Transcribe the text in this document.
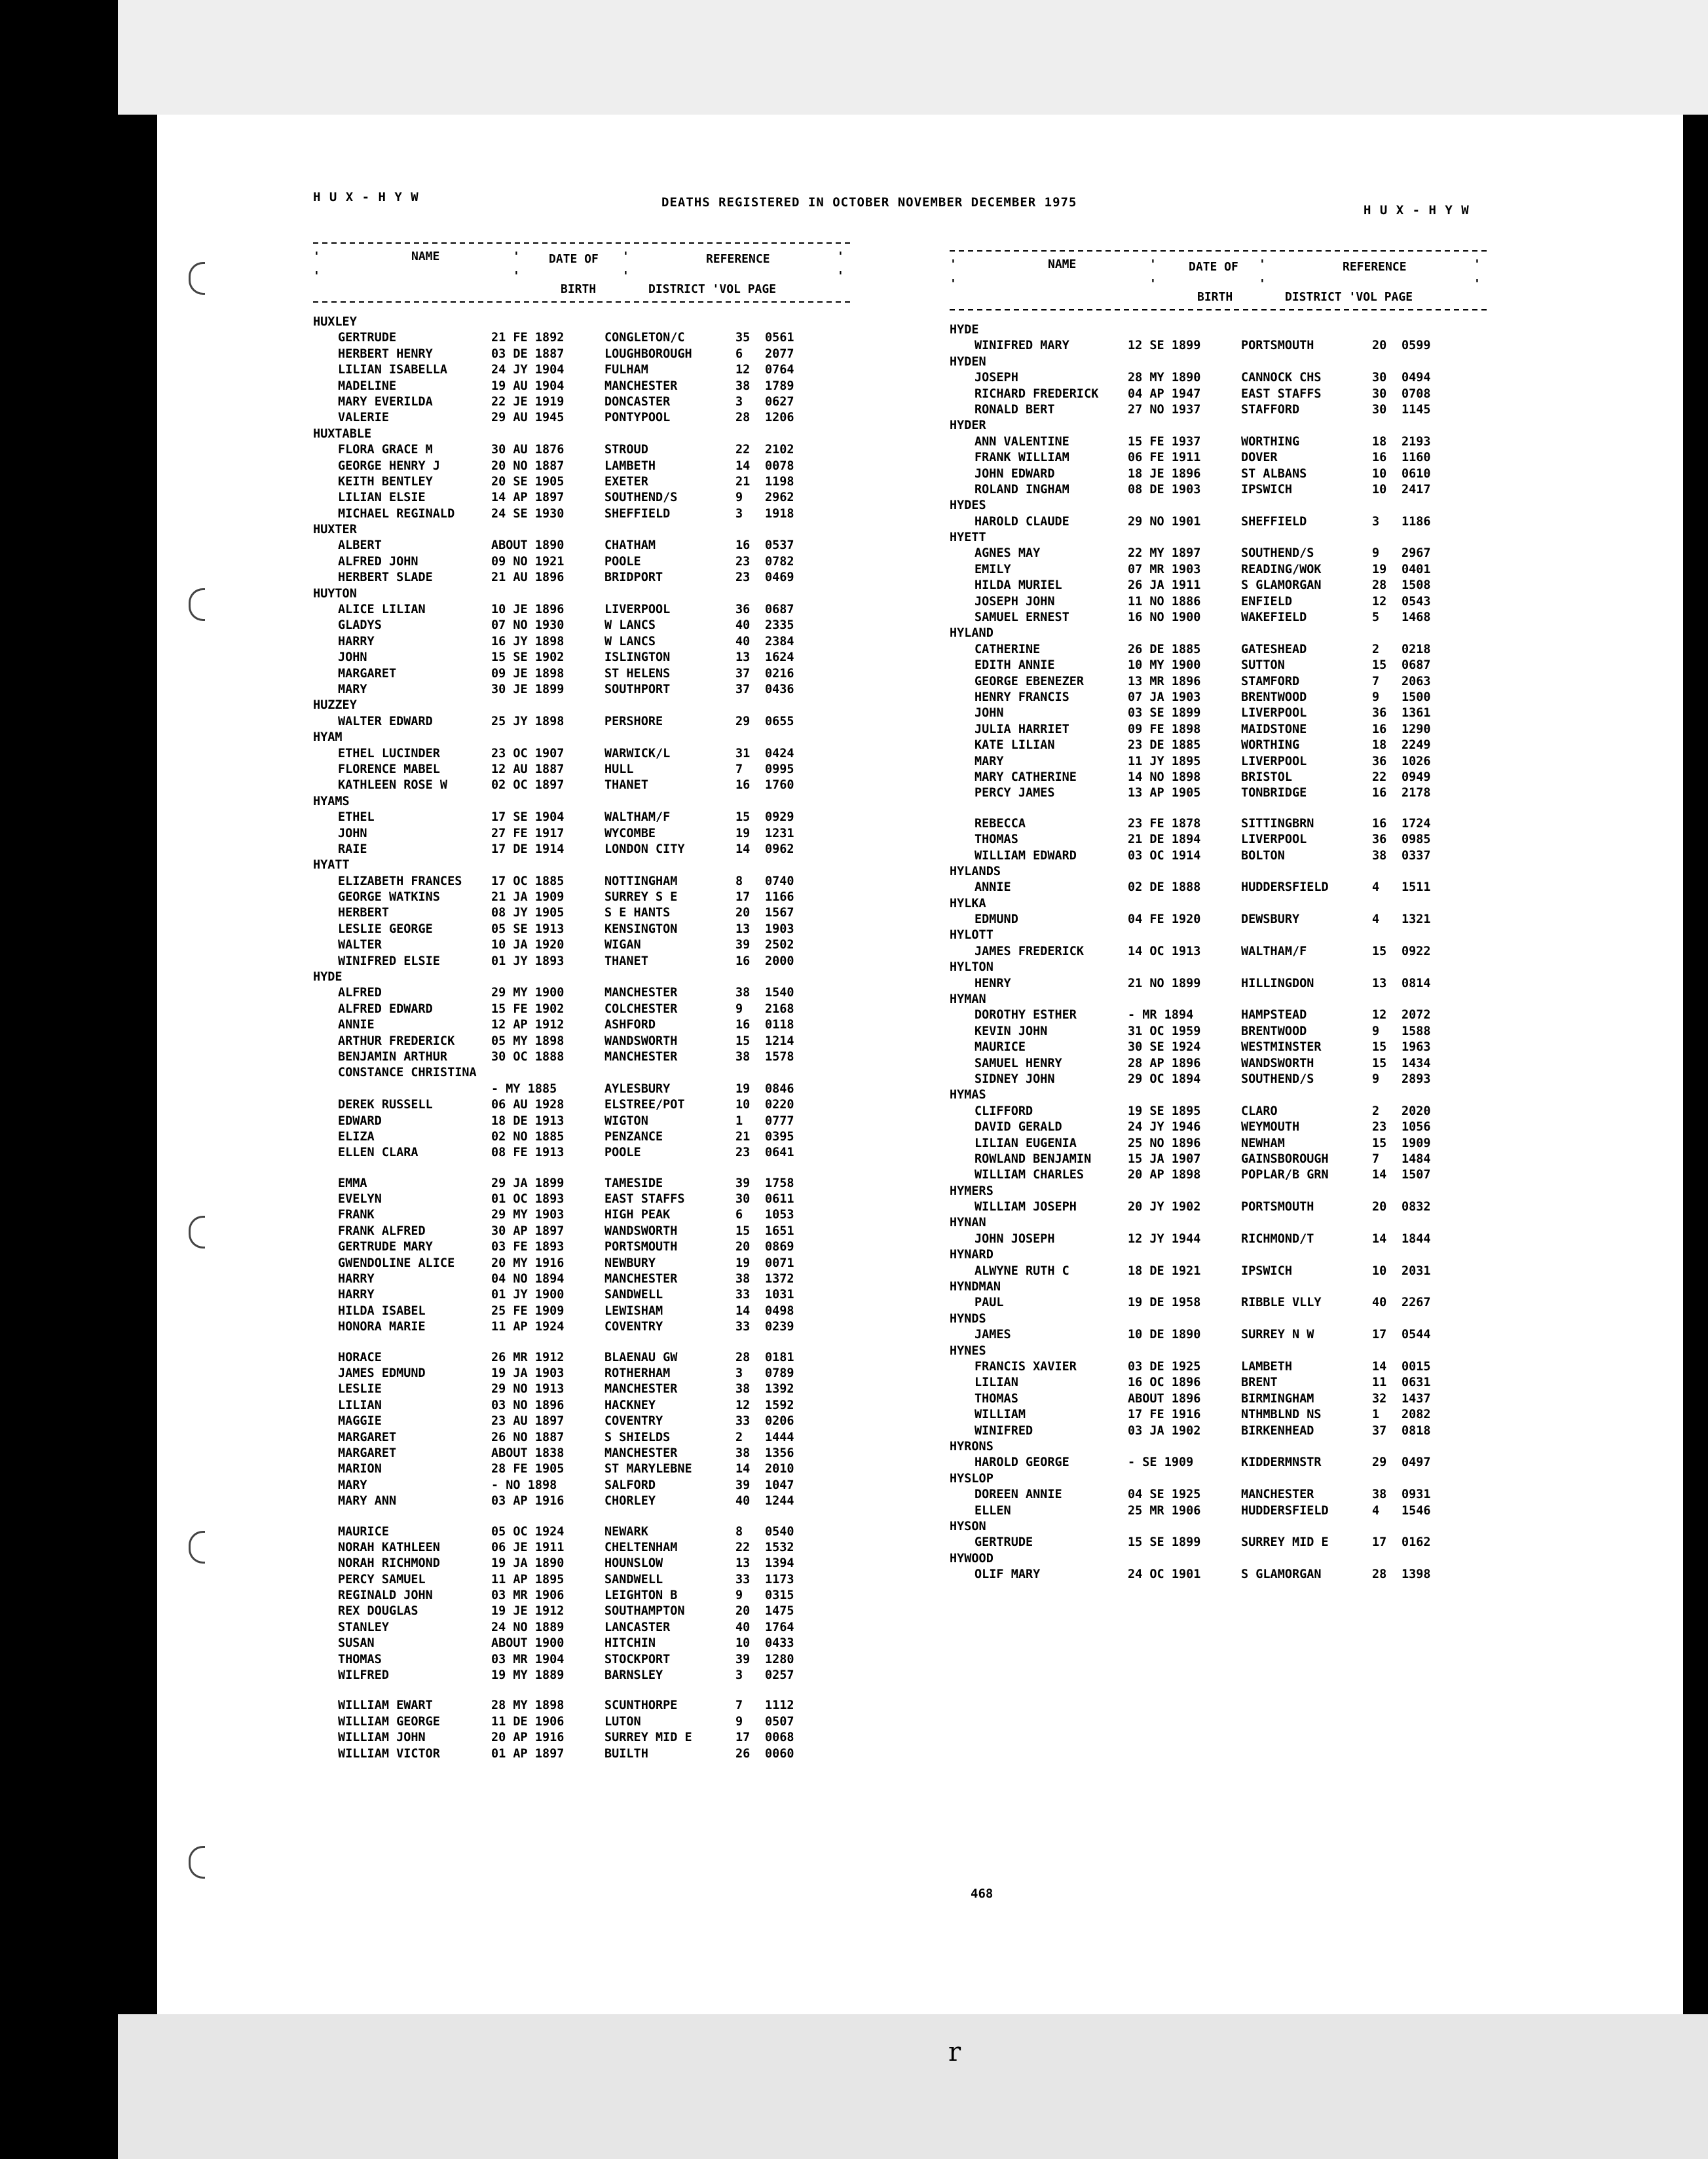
H U X - H Y W	DEATHS REGISTERED IN OCTOBER NOVEMBER DECEMBER 1975
H U X - H Y W
'
'
NAME	'
'
DATE OF
BIRTH
'
'
REFERENCE
DISTRICT 'VOL PAGE
'
'
HUXLEY
GERTRUDE	21 FE 1892	CONGLETON/C	35 0561
HERBERT HENRY	03 DE 1887	LOUGHBOROUGH	6 2077
LILIAN ISABELLA	24 JY 1904	FULHAM	12 0764
MADELINE	19 AU 1904	MANCHESTER	38 1789
MARY EVERILDA	22 JE 1919	DONCASTER	3 0627
VALERIE	29 AU 1945	PONTYPOOL	28 1206
HUXTABLE
FLORA GRACE M	30 AU 1876	STROUD	22 2102
GEORGE HENRY J	20 NO 1887	LAMBETH	14 0078
KEITH BENTLEY	20 SE 1905	EXETER	21 1198
LILIAN ELSIE	14 AP 1897	SOUTHEND/S	9 2962
MICHAEL REGINALD	24 SE 1930	SHEFFIELD	3 1918
HUXTER
ALBERT	ABOUT 1890	CHATHAM	16 0537
ALFRED JOHN	09 NO 1921	POOLE	23 0782
HERBERT SLADE	21 AU 1896	BRIDPORT	23 0469
HUYTON
ALICE LILIAN	10 JE 1896	LIVERPOOL	36 0687
GLADYS	07 NO 1930	W LANCS	40 2335
HARRY	16 JY 1898	W LANCS	40 2384
JOHN	15 SE 1902	ISLINGTON	13 1624
MARGARET	09 JE 1898	ST HELENS	37 0216
MARY	30 JE 1899	SOUTHPORT	37 0436
HUZZEY
WALTER EDWARD	25 JY 1898	PERSHORE	29 0655
HYAM
ETHEL LUCINDER	23 OC 1907	WARWICK/L	31 0424
FLORENCE MABEL	12 AU 1887	HULL	7 0995
KATHLEEN ROSE W	02 OC 1897	THANET	16 1760
HYAMS
ETHEL	17 SE 1904	WALTHAM/F	15 0929
JOHN	27 FE 1917	WYCOMBE	19 1231
RAIE	17 DE 1914	LONDON CITY	14 0962
HYATT
ELIZABETH FRANCES 17 OC 1885	NOTTINGHAM	8 0740
GEORGE WATKINS	21 JA 1909	SURREY S E	17 1166
HERBERT	08 JY 1905	S E HANTS	20 1567
LESLIE GEORGE	05 SE 1913	KENSINGTON	13 1903
WALTER	10 JA 1920	WIGAN	39 2502
WINIFRED ELSIE	01 JY 1893	THANET	16 2000
HYDE
ALFRED	29 MY 1900	MANCHESTER	38 1540
ALFRED EDWARD	15 FE 1902	COLCHESTER	9 2168
ANNIE	12 AP 1912	ASHFORD	16 0118
ARTHUR FREDERICK	05 MY 1898	WANDSWORTH	15 1214
BENJAMIN ARTHUR	30 OC 1888	MANCHESTER	38 1578
CONSTANCE CHRISTINA
- MY 1885	AYLESBURY	19 0846
DEREK RUSSELL	06 AU 1928	ELSTREE/POT	10 0220
EDWARD	18 DE 1913	WIGTON	1 0777
ELIZA	02 NO 1885	PENZANCE	21 0395
ELLEN CLARA	08 FE 1913	POOLE	23 0641
EMMA	29 JA 1899	TAMESIDE	39 1758
EVELYN	01 OC 1893	EAST STAFFS	30 0611
FRANK	29 MY 1903	HIGH PEAK	6 1053
FRANK ALFRED	30 AP 1897	WANDSWORTH	15 1651
GERTRUDE MARY	03 FE 1893	PORTSMOUTH	20 0869
GWENDOLINE ALICE	20 MY 1916	NEWBURY	19 0071
HARRY	04 NO 1894	MANCHESTER	38 1372
HARRY	01 JY 1900	SANDWELL	33 1031
HILDA ISABEL	25 FE 1909	LEWISHAM	14 0498
HONORA MARIE	11 AP 1924	COVENTRY	33 0239
HORACE	26 MR 1912	BLAENAU GW	28 0181
JAMES EDMUND	19 JA 1903	ROTHERHAM	3 0789
LESLIE	29 NO 1913	MANCHESTER	38 1392
LILIAN	03 NO 1896	HACKNEY	12 1592
MAGGIE	23 AU 1897	COVENTRY	33 0206
MARGARET	26 NO 1887	S SHIELDS	2 1444
MARGARET	ABOUT 1838	MANCHESTER	38 1356
MARION	28 FE 1905	ST MARYLEBNE	14 2010
MARY	- NO 1898	SALFORD	39 1047
MARY ANN	03 AP 1916	CHORLEY	40 1244
MAURICE	05 OC 1924	NEWARK	8 0540
NORAH KATHLEEN	06 JE 1911	CHELTENHAM	22 1532
NORAH RICHMOND	19 JA 1890	HOUNSLOW	13 1394
PERCY SAMUEL	11 AP 1895	SANDWELL	33 1173
REGINALD JOHN	03 MR 1906	LEIGHTON B	9 0315
REX DOUGLAS	19 JE 1912	SOUTHAMPTON	20 1475
STANLEY	24 NO 1889	LANCASTER	40 1764
SUSAN	ABOUT 1900	HITCHIN	10 0433
THOMAS	03 MR 1904	STOCKPORT	39 1280
WILFRED	19 MY 1889	BARNSLEY	3 0257
WILLIAM EWART	28 MY 1898	SCUNTHORPE	7 1112
WILLIAM GEORGE	11 DE 1906	LUTON	9 0507
WILLIAM JOHN	20 AP 1916	SURREY MID E	17 0068
WILLIAM VICTOR	01 AP 1897	BUILTH	26 0060
'
'
NAME	'
'
DATE OF
BIRTH
'
'
REFERENCE
DISTRICT 'VOL PAGE
'
'
HYDE
WINIFRED MARY	12 SE 1899	PORTSMOUTH	20 0599
HYDEN
JOSEPH	28 MY 1890	CANNOCK CHS	30 0494
RICHARD FREDERICK 04 AP 1947	EAST STAFFS	30 0708
RONALD BERT	27 NO 1937	STAFFORD	30 1145
HYDER
ANN VALENTINE	15 FE 1937	WORTHING	18 2193
FRANK WILLIAM	06 FE 1911	DOVER	16 1160
JOHN EDWARD	18 JE 1896	ST ALBANS	10 0610
ROLAND INGHAM	08 DE 1903	IPSWICH	10 2417
HYDES
HAROLD CLAUDE	29 NO 1901	SHEFFIELD	3 1186
HYETT
AGNES MAY	22 MY 1897	SOUTHEND/S	9 2967
EMILY	07 MR 1903	READING/WOK	19 0401
HILDA MURIEL	26 JA 1911	S GLAMORGAN	28 1508
JOSEPH JOHN	11 NO 1886	ENFIELD	12 0543
SAMUEL ERNEST	16 NO 1900	WAKEFIELD	5 1468
HYLAND
CATHERINE	26 DE 1885	GATESHEAD	2 0218
EDITH ANNIE	10 MY 1900	SUTTON	15 0687
GEORGE EBENEZER	13 MR 1896	STAMFORD	7 2063
HENRY FRANCIS	07 JA 1903	BRENTWOOD	9 1500
JOHN	03 SE 1899	LIVERPOOL	36 1361
JULIA HARRIET	09 FE 1898	MAIDSTONE	16 1290
KATE LILIAN	23 DE 1885	WORTHING	18 2249
MARY	11 JY 1895	LIVERPOOL	36 1026
MARY CATHERINE	14 NO 1898	BRISTOL	22 0949
PERCY JAMES	13 AP 1905	TONBRIDGE	16 2178
REBECCA	23 FE 1878	SITTINGBRN	16 1724
THOMAS	21 DE 1894	LIVERPOOL	36 0985
WILLIAM EDWARD	03 OC 1914	BOLTON	38 0337
HYLANDS
ANNIE	02 DE 1888	HUDDERSFIELD	4 1511
HYLKA
EDMUND	04 FE 1920	DEWSBURY	4 1321
HYLOTT
JAMES FREDERICK	14 OC 1913	WALTHAM/F	15 0922
HYLTON
HENRY	21 NO 1899	HILLINGDON	13 0814
HYMAN
DOROTHY ESTHER	- MR 1894	HAMPSTEAD	12 2072
KEVIN JOHN	31 OC 1959	BRENTWOOD	9 1588
MAURICE	30 SE 1924	WESTMINSTER	15 1963
SAMUEL HENRY	28 AP 1896	WANDSWORTH	15 1434
SIDNEY JOHN	29 OC 1894	SOUTHEND/S	9 2893
HYMAS
CLIFFORD	19 SE 1895	CLARO	2 2020
DAVID GERALD	24 JY 1946	WEYMOUTH	23 1056
LILIAN EUGENIA	25 NO 1896	NEWHAM	15 1909
ROWLAND BENJAMIN	15 JA 1907	GAINSBOROUGH	7 1484
WILLIAM CHARLES	20 AP 1898	POPLAR/B GRN	14 1507
HYMERS
WILLIAM JOSEPH	20 JY 1902	PORTSMOUTH	20 0832
HYNAN
JOHN JOSEPH	12 JY 1944	RICHMOND/T	14 1844
HYNARD
ALWYNE RUTH C	18 DE 1921	IPSWICH	10 2031
HYNDMAN
PAUL	19 DE 1958	RIBBLE VLLY	40 2267
HYNDS
JAMES	10 DE 1890	SURREY N W	17 0544
HYNES
FRANCIS XAVIER	03 DE 1925	LAMBETH	14 0015
LILIAN	16 OC 1896	BRENT	11 0631
THOMAS	ABOUT 1896	BIRMINGHAM	32 1437
WILLIAM	17 FE 1916	NTHMBLND NS	1 2082
WINIFRED	03 JA 1902	BIRKENHEAD	37 0818
HYRONS
HAROLD GEORGE	- SE 1909	KIDDERMNSTR	29 0497
HYSLOP
DOREEN ANNIE	04 SE 1925	MANCHESTER	38 0931
ELLEN	25 MR 1906	HUDDERSFIELD	4 1546
HYSON
GERTRUDE	15 SE 1899	SURREY MID E	17 0162
HYWOOD
OLIF MARY	24 OC 1901	S GLAMORGAN	28 1398
468
r
